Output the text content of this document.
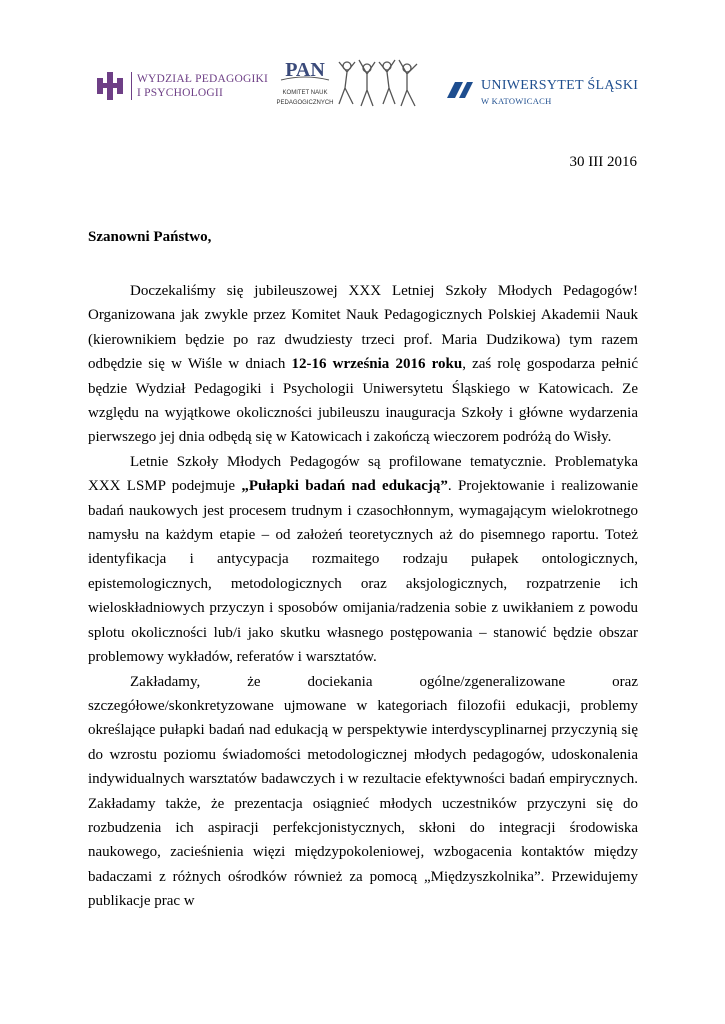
WYDZIAŁ PEDAGOGIKI
I PSYCHOLOGII
PAN
KOMITET NAUK
PEDAGOGICZNYCH
UNIWERSYTET ŚLĄSKI
W KATOWICACH
30 III 2016
Szanowni Państwo,

Doczekaliśmy się jubileuszowej XXX Letniej Szkoły Młodych Pedagogów! Organizowana jak zwykle przez Komitet Nauk Pedagogicznych Polskiej Akademii Nauk (kierownikiem będzie po raz dwudziesty trzeci prof. Maria Dudzikowa) tym razem odbędzie się w Wiśle w dniach 12-16 września 2016 roku, zaś rolę gospodarza pełnić będzie Wydział Pedagogiki i Psychologii Uniwersytetu Śląskiego w Katowicach. Ze względu na wyjątkowe okoliczności jubileuszu inauguracja Szkoły i główne wydarzenia pierwszego jej dnia odbędą się w Katowicach i zakończą wieczorem podróżą do Wisły.

Letnie Szkoły Młodych Pedagogów są profilowane tematycznie. Problematyka XXX LSMP podejmuje „Pułapki badań nad edukacją”. Projektowanie i realizowanie badań naukowych jest procesem trudnym i czasochłonnym, wymagającym wielokrotnego namysłu na każdym etapie – od założeń teoretycznych aż do pisemnego raportu. Toteż identyfikacja i antycypacja rozmaitego rodzaju pułapek ontologicznych, epistemologicznych, metodologicznych oraz aksjologicznych, rozpatrzenie ich wieloskładniowych przyczyn i sposobów omijania/radzenia sobie z uwikłaniem z powodu splotu okoliczności lub/i jako skutku własnego postępowania – stanowić będzie obszar problemowy wykładów, referatów i warsztatów.

Zakładamy, że dociekania ogólne/zgeneralizowane oraz szczegółowe/skonkretyzowane ujmowane w kategoriach filozofii edukacji, problemy określające pułapki badań nad edukacją w perspektywie interdyscyplinarnej przyczynią się do wzrostu poziomu świadomości metodologicznej młodych pedagogów, udoskonalenia indywidualnych warsztatów badawczych i w rezultacie efektywności badań empirycznych. Zakładamy także, że prezentacja osiągnieć młodych uczestników przyczyni się do rozbudzenia ich aspiracji perfekcjonistycznych, skłoni do integracji środowiska naukowego, zacieśnienia więzi międzypokoleniowej, wzbogacenia kontaktów między badaczami z różnych ośrodków również za pomocą „Międzyszkolnika”. Przewidujemy publikacje prac w
